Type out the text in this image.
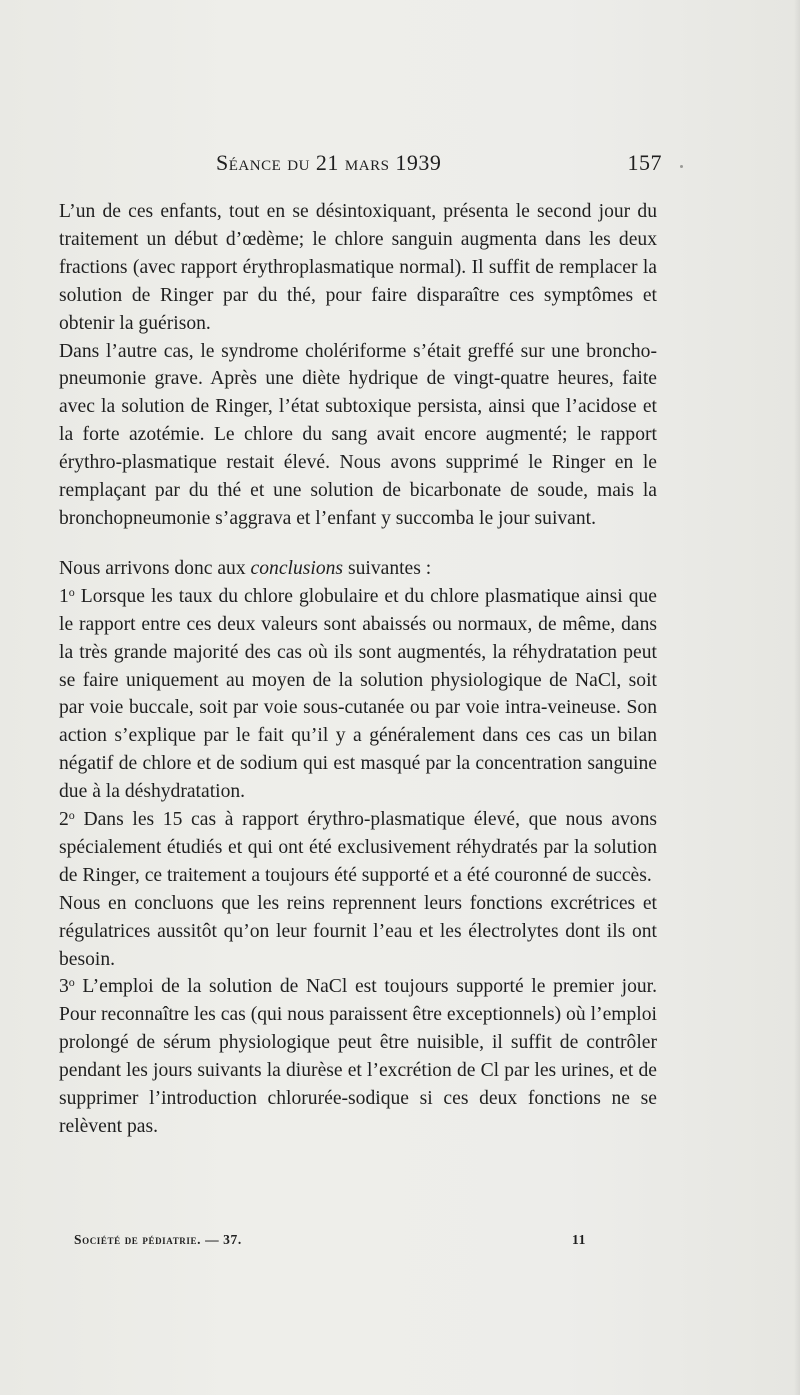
Séance du 21 mars 1939	157

L’un de ces enfants, tout en se désintoxiquant, présenta le second jour du traitement un début d’œdème; le chlore sanguin augmenta dans les deux fractions (avec rapport érythroplasmatique normal). Il suffit de remplacer la solution de Ringer par du thé, pour faire disparaître ces symptômes et obtenir la guérison.

Dans l’autre cas, le syndrome cholériforme s’était greffé sur une broncho-pneumonie grave. Après une diète hydrique de vingt-quatre heures, faite avec la solution de Ringer, l’état subtoxique persista, ainsi que l’acidose et la forte azotémie. Le chlore du sang avait encore augmenté; le rapport érythro-plasmatique restait élevé. Nous avons supprimé le Ringer en le remplaçant par du thé et une solution de bicarbonate de soude, mais la bronchopneumonie s’aggrava et l’enfant y succomba le jour suivant.

Nous arrivons donc aux conclusions suivantes :

1$^o$ Lorsque les taux du chlore globulaire et du chlore plasmatique ainsi que le rapport entre ces deux valeurs sont abaissés ou normaux, de même, dans la très grande majorité des cas où ils sont augmentés, la réhydratation peut se faire uniquement au moyen de la solution physiologique de NaCl, soit par voie buccale, soit par voie sous-cutanée ou par voie intra-veineuse. Son action s’explique par le fait qu’il y a généralement dans ces cas un bilan négatif de chlore et de sodium qui est masqué par la concentration sanguine due à la déshydratation.

2$^o$ Dans les 15 cas à rapport érythro-plasmatique élevé, que nous avons spécialement étudiés et qui ont été exclusivement réhydratés par la solution de Ringer, ce traitement a toujours été supporté et a été couronné de succès.

Nous en concluons que les reins reprennent leurs fonctions excrétrices et régulatrices aussitôt qu’on leur fournit l’eau et les électrolytes dont ils ont besoin.

3$^o$ L’emploi de la solution de NaCl est toujours supporté le premier jour. Pour reconnaître les cas (qui nous paraissent être exceptionnels) où l’emploi prolongé de sérum physiologique peut être nuisible, il suffit de contrôler pendant les jours suivants la diurèse et l’excrétion de Cl par les urines, et de supprimer l’introduction chlorurée-sodique si ces deux fonctions ne se relèvent pas.

Société de pédiatrie. — 37.	11
